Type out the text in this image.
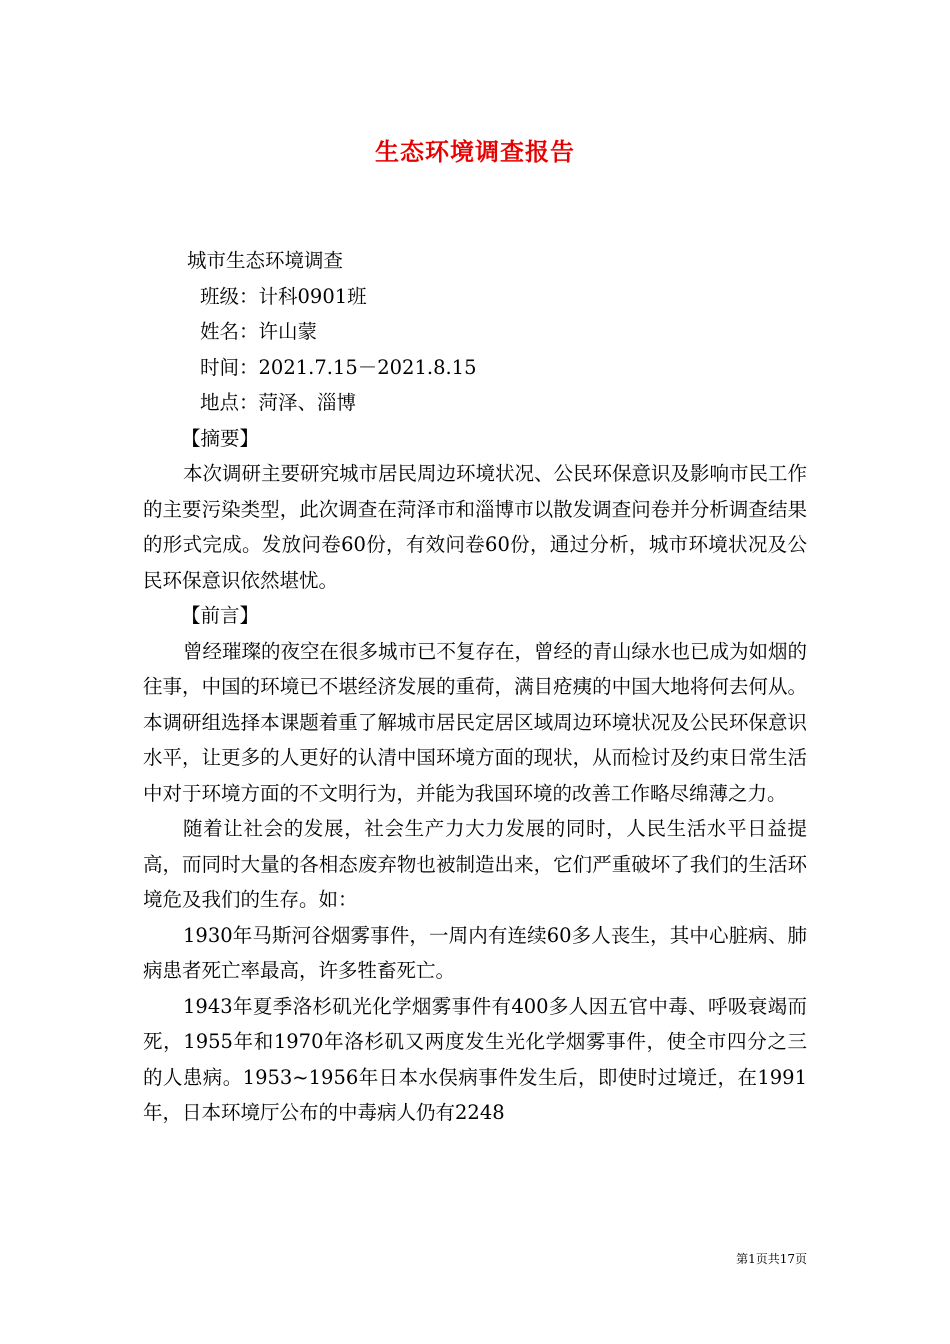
生态环境调查报告

城市生态环境调查

班级：计科0901班

姓名：许山蒙

时间：2021.7.15－2021.8.15

地点：菏泽、淄博

【摘要】

本次调研主要研究城市居民周边环境状况、公民环保意识及影响市民工作的主要污染类型，此次调查在菏泽市和淄博市以散发调查问卷并分析调查结果的形式完成。发放问卷60份，有效问卷60份，通过分析，城市环境状况及公民环保意识依然堪忧。

【前言】

曾经璀璨的夜空在很多城市已不复存在，曾经的青山绿水也已成为如烟的往事，中国的环境已不堪经济发展的重荷，满目疮痍的中国大地将何去何从。本调研组选择本课题着重了解城市居民定居区域周边环境状况及公民环保意识水平，让更多的人更好的认清中国环境方面的现状，从而检讨及约束日常生活中对于环境方面的不文明行为，并能为我国环境的改善工作略尽绵薄之力。

随着让社会的发展，社会生产力大力发展的同时，人民生活水平日益提高，而同时大量的各相态废弃物也被制造出来，它们严重破坏了我们的生活环境危及我们的生存。如：

1930年马斯河谷烟雾事件，一周内有连续60多人丧生，其中心脏病、肺病患者死亡率最高，许多牲畜死亡。

1943年夏季洛杉矶光化学烟雾事件有400多人因五官中毒、呼吸衰竭而死，1955年和1970年洛杉矶又两度发生光化学烟雾事件，使全市四分之三的人患病。1953~1956年日本水俣病事件发生后，即使时过境迁，在1991年，日本环境厅公布的中毒病人仍有2248

第1页共17页
